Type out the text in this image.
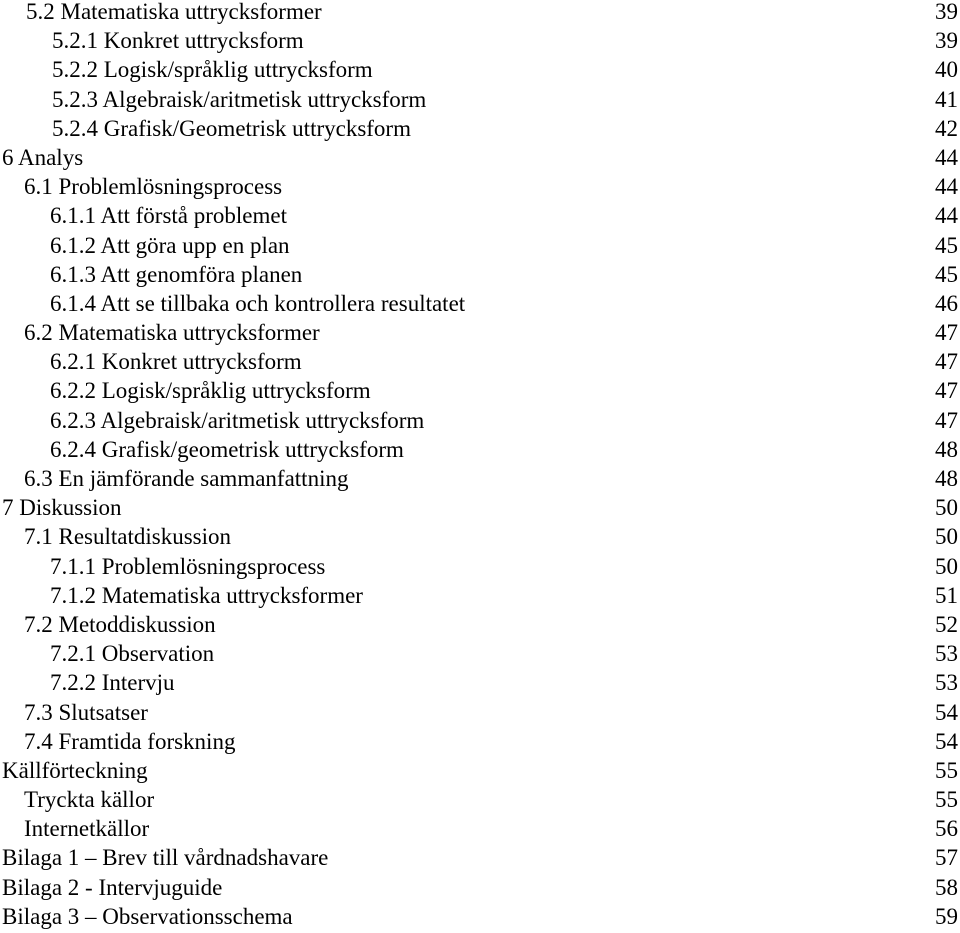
5.2 Matematiska uttrycksformer	39
5.2.1 Konkret uttrycksform	39
5.2.2 Logisk/språklig uttrycksform	40
5.2.3 Algebraisk/aritmetisk uttrycksform	41
5.2.4 Grafisk/Geometrisk uttrycksform	42
6 Analys	44
6.1 Problemlösningsprocess	44
6.1.1 Att förstå problemet	44
6.1.2 Att göra upp en plan	45
6.1.3 Att genomföra planen	45
6.1.4 Att se tillbaka och kontrollera resultatet	46
6.2 Matematiska uttrycksformer	47
6.2.1 Konkret uttrycksform	47
6.2.2 Logisk/språklig uttrycksform	47
6.2.3 Algebraisk/aritmetisk uttrycksform	47
6.2.4 Grafisk/geometrisk uttrycksform	48
6.3 En jämförande sammanfattning	48
7 Diskussion	50
7.1 Resultatdiskussion	50
7.1.1 Problemlösningsprocess	50
7.1.2 Matematiska uttrycksformer	51
7.2 Metoddiskussion	52
7.2.1 Observation	53
7.2.2 Intervju	53
7.3 Slutsatser	54
7.4 Framtida forskning	54
Källförteckning	55
Tryckta källor	55
Internetkällor	56
Bilaga 1 ‒ Brev till vårdnadshavare	57
Bilaga 2 - Intervjuguide	58
Bilaga 3 ‒ Observationsschema	59
